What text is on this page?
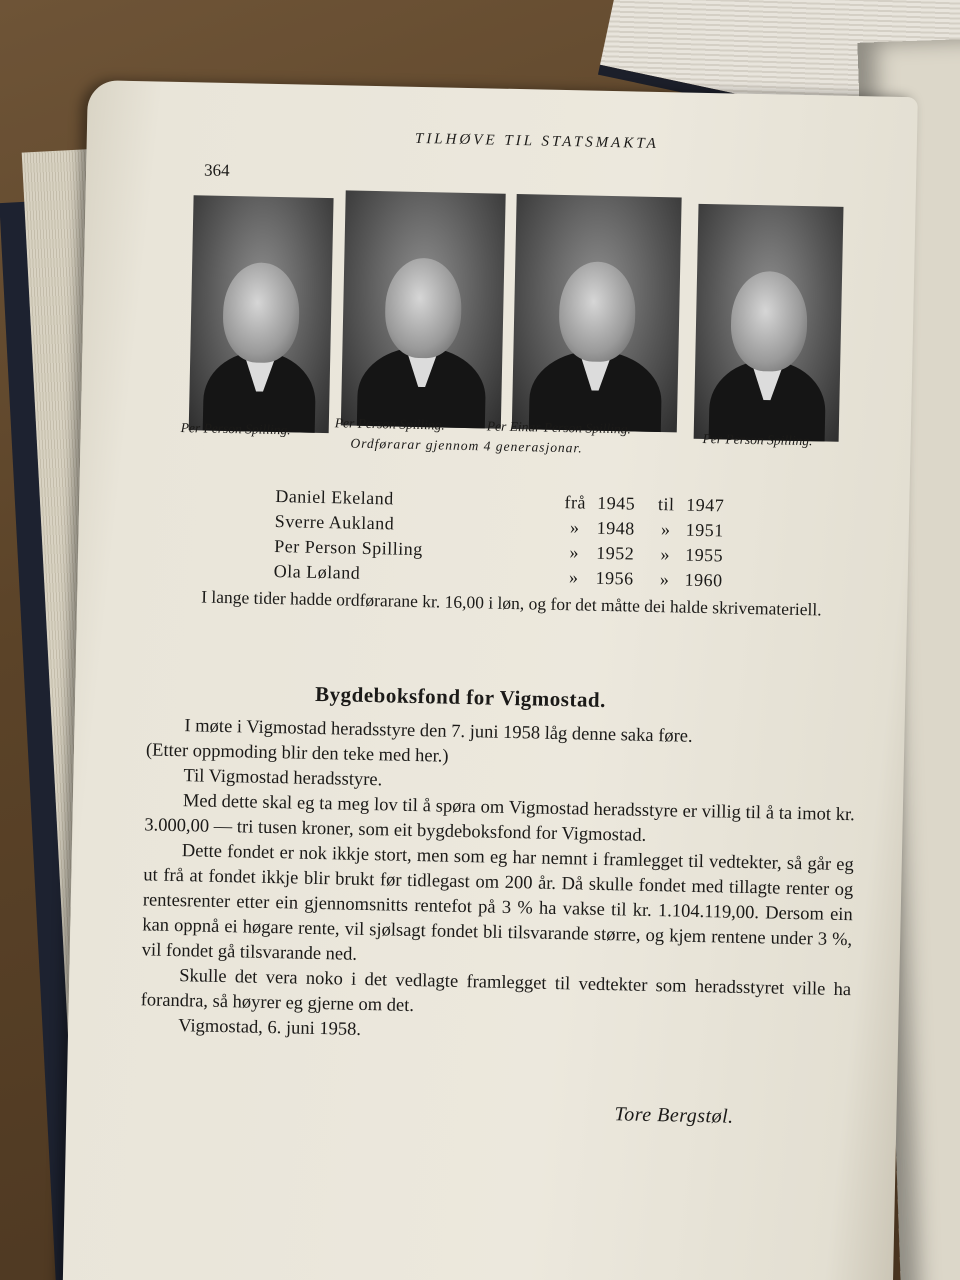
364
TILHØVE TIL STATSMAKTA
Per Person Spilling.	Per Person Spilling.	Per Einar Person Spilling.
Per Person Spilling.
Ordførarar gjennom 4 generasjonar.
Daniel Ekeland	frå 1945	til 1947
Sverre Aukland	» 1948	» 1951
Per Person Spilling	» 1952	» 1955
Ola Løland	» 1956	» 1960
I lange tider hadde ordførarane kr. 16,00 i løn, og for det måtte dei halde skrivemateriell.
Bygdeboksfond for Vigmostad.

I møte i Vigmostad heradsstyre den 7. juni 1958 låg denne saka føre.

(Etter oppmoding blir den teke med her.)

Til Vigmostad heradsstyre.

Med dette skal eg ta meg lov til å spøra om Vigmostad heradsstyre er villig til å ta imot kr. 3.000,00 — tri tusen kroner, som eit bygdeboksfond for Vigmostad.

Dette fondet er nok ikkje stort, men som eg har nemnt i framlegget til vedtekter, så går eg ut frå at fondet ikkje blir brukt før tidlegast om 200 år. Då skulle fondet med tillagte renter og rentesrenter etter ein gjennomsnitts rentefot på 3 % ha vakse til kr. 1.104.119,00. Dersom ein kan oppnå ei høgare rente, vil sjølsagt fondet bli tilsvarande større, og kjem rentene under 3 %, vil fondet gå tilsvarande ned.

Skulle det vera noko i det vedlagte framlegget til vedtekter som heradsstyret ville ha forandra, så høyrer eg gjerne om det.

Vigmostad, 6. juni 1958.

Tore Bergstøl.
